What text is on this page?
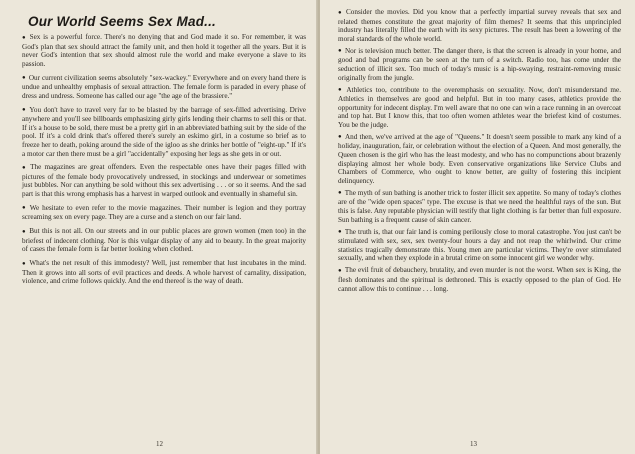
Our World Seems Sex Mad...

● Sex is a powerful force. There's no denying that and God made it so. For remember, it was God's plan that sex should attract the family unit, and then hold it together all the years. But it is never God's intention that sex should almost rule the world and make everyone a slave to its passion.

● Our current civilization seems absolutely "sex-wackey." Everywhere and on every hand there is undue and unhealthy emphasis of sexual attraction. The female form is paraded in every phase of dress and undress. Someone has called our age "the age of the brassiere."

● You don't have to travel very far to be blasted by the barrage of sex-filled advertising. Drive anywhere and you'll see billboards emphasizing girly girls lending their charms to sell this or that. If it's a house to be sold, there must be a pretty girl in an abbreviated bathing suit by the side of the pool. If it's a cold drink that's offered there's surely an eskimo girl, in a costume so brief as to freeze her to death, poking around the side of the igloo as she drinks her bottle of "eight-up." If it's a motor car then there must be a girl "accidentally" exposing her legs as she gets in or out.

● The magazines are great offenders. Even the respectable ones have their pages filled with pictures of the female body provocatively undressed, in stockings and underwear or sometimes just bubbles. Nor can anything be sold without this sex advertising . . . or so it seems. And the sad part is that this wrong emphasis has a harvest in warped outlook and eventually in shameful sin.

● We hesitate to even refer to the movie magazines. Their number is legion and they portray screaming sex on every page. They are a curse and a stench on our fair land.

● But this is not all. On our streets and in our public places are grown women (men too) in the briefest of indecent clothing. Nor is this vulgar display of any aid to beauty. In the great majority of cases the female form is far better looking when clothed.

● What's the net result of this immodesty? Well, just remember that lust incubates in the mind. Then it grows into all sorts of evil practices and deeds. A whole harvest of carnality, dissipation, violence, and crime follows quickly. And the end thereof is the way of death.

12

● Consider the movies. Did you know that a perfectly impartial survey reveals that sex and related themes constitute the great majority of film themes? It seems that this unprincipled industry has literally filled the earth with its sexy pictures. The result has been a lowering of the moral standards of the whole world.

● Nor is television much better. The danger there, is that the screen is already in your home, and good and bad programs can be seen at the turn of a switch. Radio too, has come under the seduction of illicit sex. Too much of today's music is a hip-swaying, restraint-removing music originally from the jungle.

● Athletics too, contribute to the overemphasis on sexuality. Now, don't misunderstand me. Athletics in themselves are good and helpful. But in too many cases, athletics provide the opportunity for indecent display. I'm well aware that no one can win a race running in an overcoat and top hat. But I know this, that too often women athletes wear the briefest kind of costumes. You be the judge.

● And then, we've arrived at the age of "Queens." It doesn't seem possible to mark any kind of a holiday, inauguration, fair, or celebration without the election of a Queen. And most generally, the Queen chosen is the girl who has the least modesty, and who has no compunctions about brazenly displaying almost her whole body. Even conservative organizations like Service Clubs and Chambers of Commerce, who ought to know better, are guilty of fostering this incipient delinquency.

● The myth of sun bathing is another trick to foster illicit sex appetite. So many of today's clothes are of the "wide open spaces" type. The excuse is that we need the healthful rays of the sun. But this is false. Any reputable physician will testify that light clothing is far better than full exposure. Sun bathing is a frequent cause of skin cancer.

● The truth is, that our fair land is coming perilously close to moral catastrophe. You just can't be stimulated with sex, sex, sex twenty-four hours a day and not reap the whirlwind. Our crime statistics tragically demonstrate this. Young men are particular victims. They're over stimulated sexually, and when they explode in a brutal crime on some innocent girl we wonder why.

● The evil fruit of debauchery, brutality, and even murder is not the worst. When sex is King, the flesh dominates and the spiritual is dethroned. This is exactly opposed to the plan of God. He cannot allow this to continue . . . long.

13
